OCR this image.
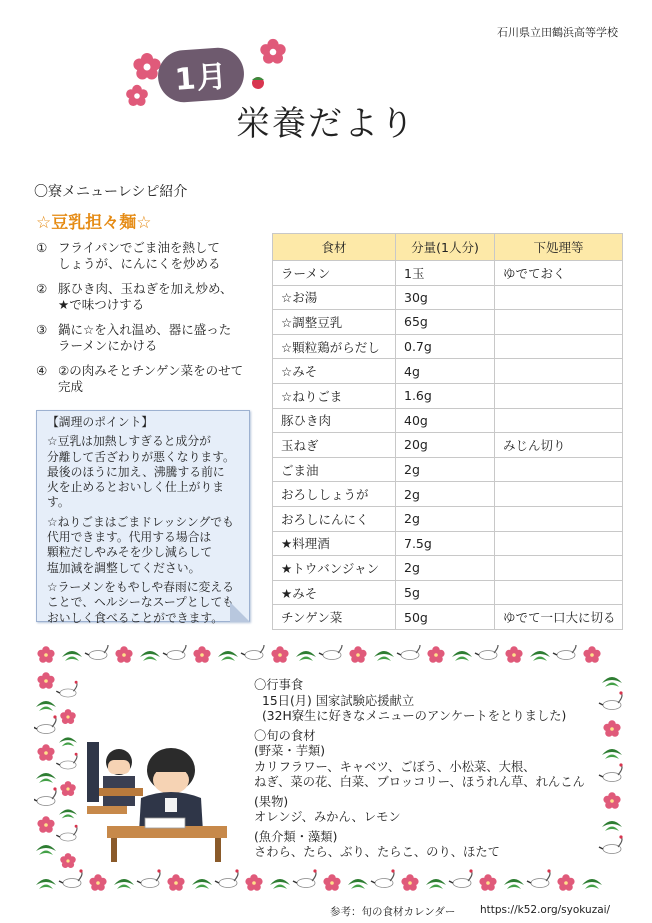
石川県立田鶴浜高等学校
1月
栄養だより
〇寮メニューレシピ紹介
☆豆乳担々麺☆
① フライパンでごま油を熱して
しょうが、にんにくを炒める
② 豚ひき肉、玉ねぎを加え炒め、
★で味つけする
③ 鍋に☆を入れ温め、器に盛った
ラーメンにかける
④ ②の肉みそとチンゲン菜をのせて
完成
【調理のポイント】

☆豆乳は加熱しすぎると成分が
分離して舌ざわりが悪くなります。
最後のほうに加え、沸騰する前に
火を止めるとおいしく仕上がります。

☆ねりごまはごまドレッシングでも
代用できます。代用する場合は
顆粒だしやみそを少し減らして
塩加減を調整してください。

☆ラーメンをもやしや春雨に変える
ことで、ヘルシーなスープとしても
おいしく食べることができます。

食材	分量(1人分)	下処理等
ラーメン	1玉	ゆでておく
☆お湯	30g	
☆調整豆乳	65g	
☆顆粒鶏がらだし	0.7g	
☆みそ	4g	
☆ねりごま	1.6g	
豚ひき肉	40g	
玉ねぎ	20g	みじん切り
ごま油	2g	
おろししょうが	2g	
おろしにんにく	2g	
★料理酒	7.5g	
★トウバンジャン	2g	
★みそ	5g	
チンゲン菜	50g	ゆでて一口大に切る
〇行事食
15日(月) 国家試験応援献立
(32H寮生に好きなメニューのアンケートをとりました)
〇旬の食材
(野菜・芋類)
カリフラワー、キャベツ、ごぼう、小松菜、大根、
ねぎ、菜の花、白菜、ブロッコリー、ほうれん草、れんこん
(果物)
オレンジ、みかん、レモン
(魚介類・藻類)
さわら、たら、ぶり、たらこ、のり、ほたて
参考：旬の食材カレンダー https://k52.org/syokuzai/
